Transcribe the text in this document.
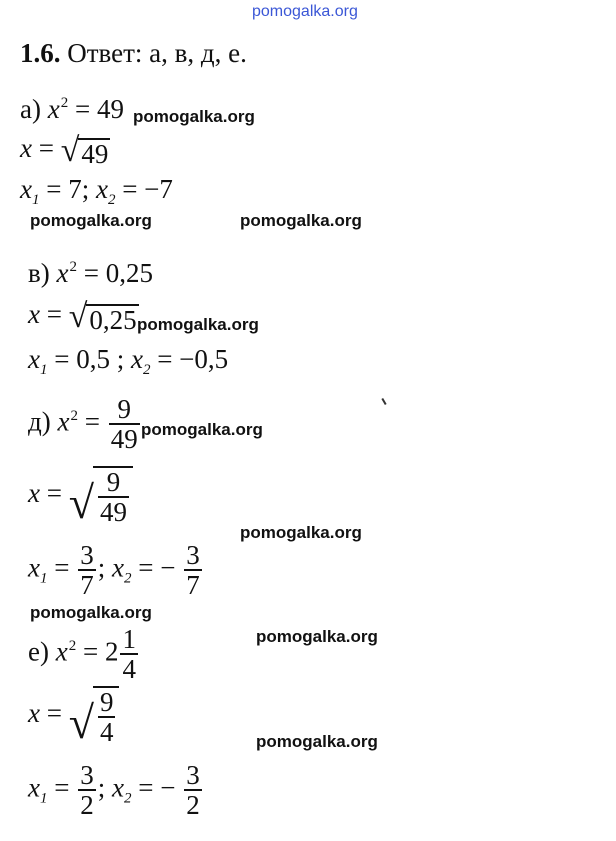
pomogalka.org
1.6. Ответ: а, в, д, е.
а) $x^2 = 49$ pomogalka.org
x = √ 49
$x_1 = 7$; $x_2 = -7$
pomogalka.org	pomogalka.org
в) $x^2 = 0,25$
x = √ 0,25 pomogalka.org
$x_1 = 0,5$ ; $x_2 = -0,5$
д) $x^2 = \frac{9}{49}$ pomogalka.org
x = √ $\frac{9}{49}$
pomogalka.org
$x_1 = \frac{3}{7}$ ; $x_2$ = − $\frac{3}{7}$
pomogalka.org
pomogalka.org
е) $x^2 = 2 \frac{1}{4}$
x = √ $\frac{9}{4}$	pomogalka.org
$x_1 = \frac{3}{2}$ ; $x_2$ = − $\frac{3}{2}$
